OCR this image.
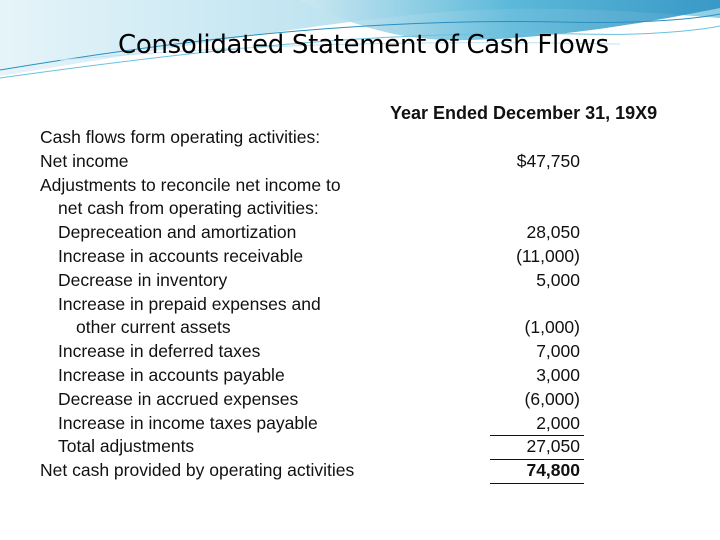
Consolidated Statement of Cash Flows
Year Ended December 31, 19X9
Cash flows form operating activities:
Net income	$47,750
Adjustments to reconcile net income to
net cash from operating activities:
Depreceation and amortization	28,050
Increase in accounts receivable	(11,000)
Decrease in inventory	5,000
Increase in prepaid expenses and
other current assets	(1,000)
Increase in deferred taxes	7,000
Increase in accounts payable	3,000
Decrease in accrued expenses	(6,000)
Increase in income taxes payable	2,000
Total adjustments	27,050
Net cash provided by operating activities	74,800
